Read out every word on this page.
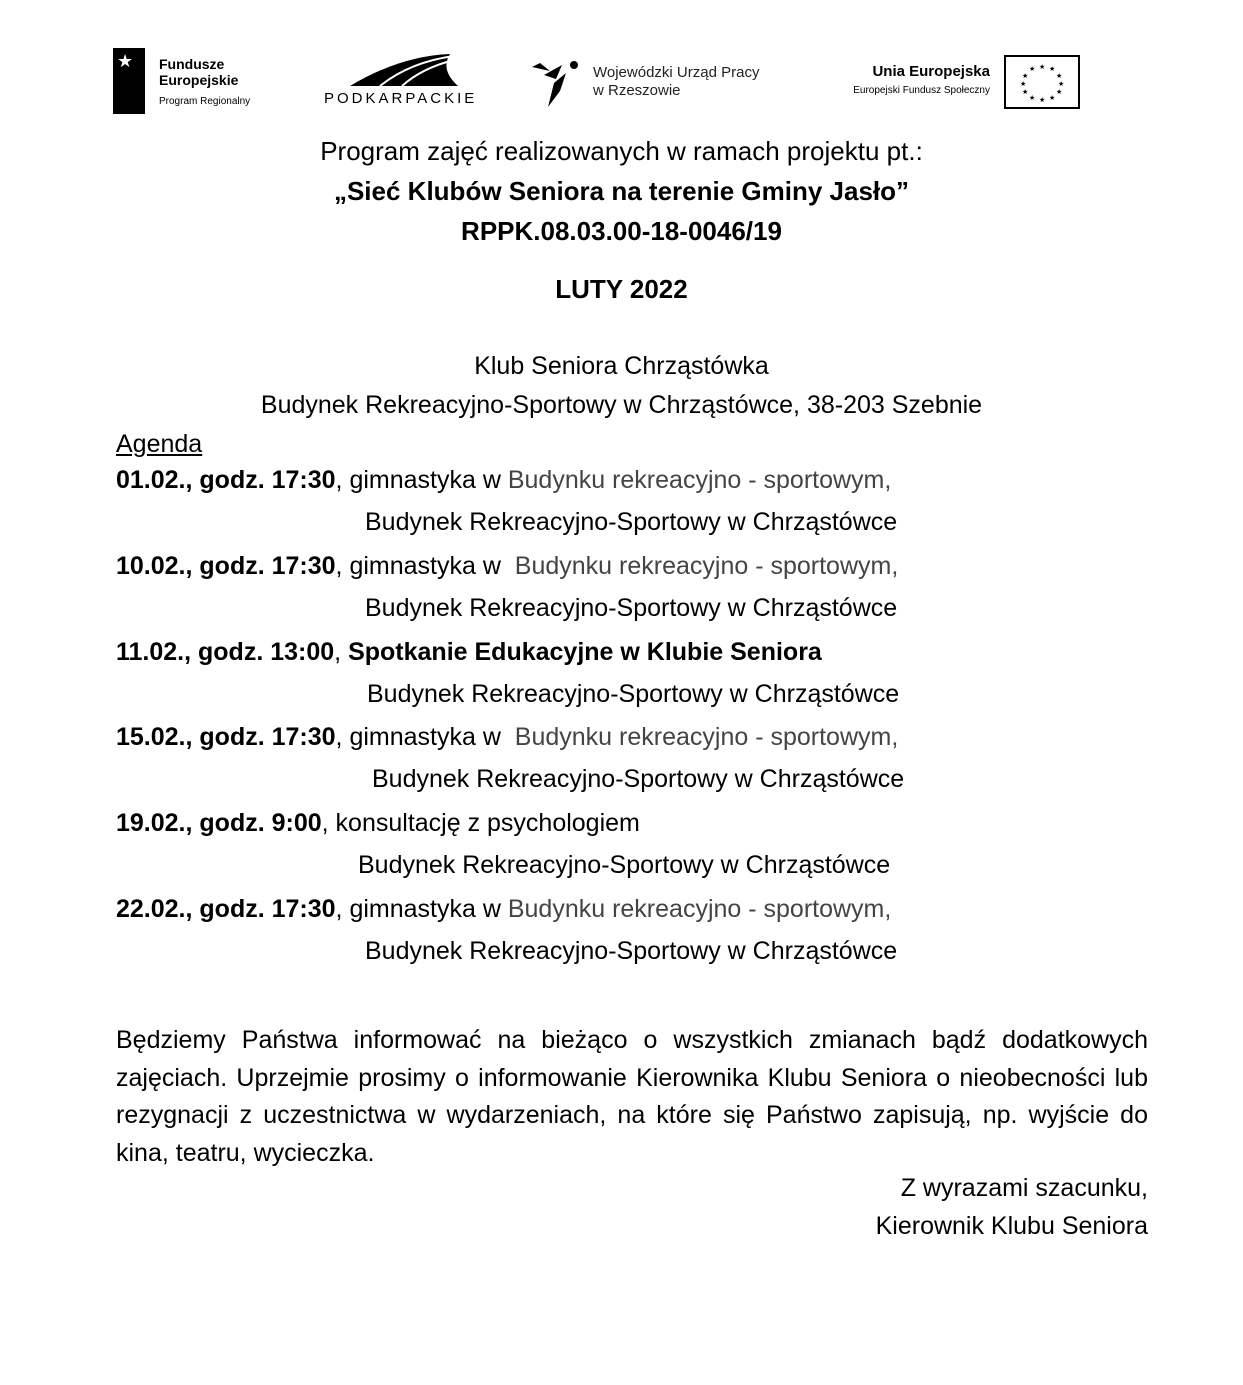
★ Fundusze
Europejskie
Program Regionalny	PODKARPACKIE
Wojewódzki Urząd Pracy
w Rzeszowie
Unia Europejska
Europejski Fundusz Społeczny
★ ★
★
★
★
★
★
★
★
★
★
★
Program zajęć realizowanych w ramach projektu pt.:
„Sieć Klubów Seniora na terenie Gminy Jasło”
RPPK.08.03.00-18-0046/19
LUTY 2022
Klub Seniora Chrząstówka
Budynek Rekreacyjno-Sportowy w Chrząstówce, 38-203 Szebnie
Agenda
01.02., godz. 17:30, gimnastyka w Budynku rekreacyjno - sportowym,
Budynek Rekreacyjno-Sportowy w Chrząstówce
10.02., godz. 17:30, gimnastyka w  Budynku rekreacyjno - sportowym,
Budynek Rekreacyjno-Sportowy w Chrząstówce
11.02., godz. 13:00, Spotkanie Edukacyjne w Klubie Seniora
Budynek Rekreacyjno-Sportowy w Chrząstówce
15.02., godz. 17:30, gimnastyka w  Budynku rekreacyjno - sportowym,
Budynek Rekreacyjno-Sportowy w Chrząstówce
19.02., godz. 9:00, konsultację z psychologiem
Budynek Rekreacyjno-Sportowy w Chrząstówce
22.02., godz. 17:30, gimnastyka w Budynku rekreacyjno - sportowym,
Budynek Rekreacyjno-Sportowy w Chrząstówce
Będziemy Państwa informować na bieżąco o wszystkich zmianach bądź dodatkowych zajęciach. Uprzejmie prosimy o informowanie Kierownika Klubu Seniora o nieobecności lub rezygnacji z uczestnictwa w wydarzeniach, na które się Państwo zapisują, np. wyjście do kina, teatru, wycieczka.
Z wyrazami szacunku,
Kierownik Klubu Seniora
